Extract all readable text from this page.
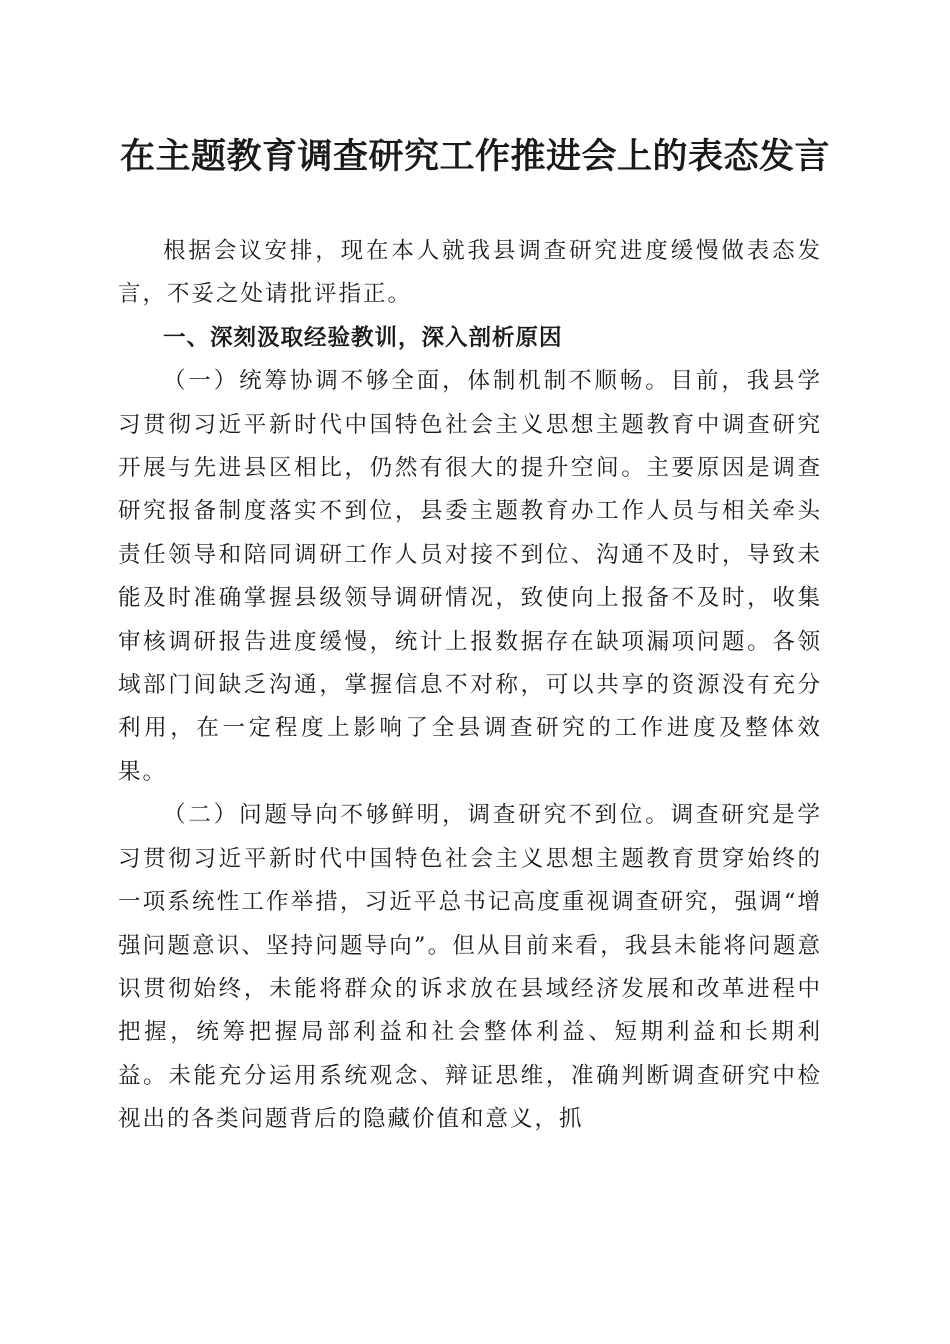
在主题教育调查研究工作推进会上的表态发言

根据会议安排，现在本人就我县调查研究进度缓慢做表态发言，不妥之处请批评指正。

一、深刻汲取经验教训，深入剖析原因

（一）统筹协调不够全面，体制机制不顺畅。目前，我县学习贯彻习近平新时代中国特色社会主义思想主题教育中调查研究开展与先进县区相比，仍然有很大的提升空间。主要原因是调查研究报备制度落实不到位，县委主题教育办工作人员与相关牵头责任领导和陪同调研工作人员对接不到位、沟通不及时，导致未能及时准确掌握县级领导调研情况，致使向上报备不及时，收集审核调研报告进度缓慢，统计上报数据存在缺项漏项问题。各领域部门间缺乏沟通，掌握信息不对称，可以共享的资源没有充分利用，在一定程度上影响了全县调查研究的工作进度及整体效果。

（二）问题导向不够鲜明，调查研究不到位。调查研究是学习贯彻习近平新时代中国特色社会主义思想主题教育贯穿始终的一项系统性工作举措，习近平总书记高度重视调查研究，强调“增强问题意识、坚持问题导向”。但从目前来看，我县未能将问题意识贯彻始终，未能将群众的诉求放在县域经济发展和改革进程中把握，统筹把握局部利益和社会整体利益、短期利益和长期利益。未能充分运用系统观念、辩证思维，准确判断调查研究中检视出的各类问题背后的隐藏价值和意义，抓
